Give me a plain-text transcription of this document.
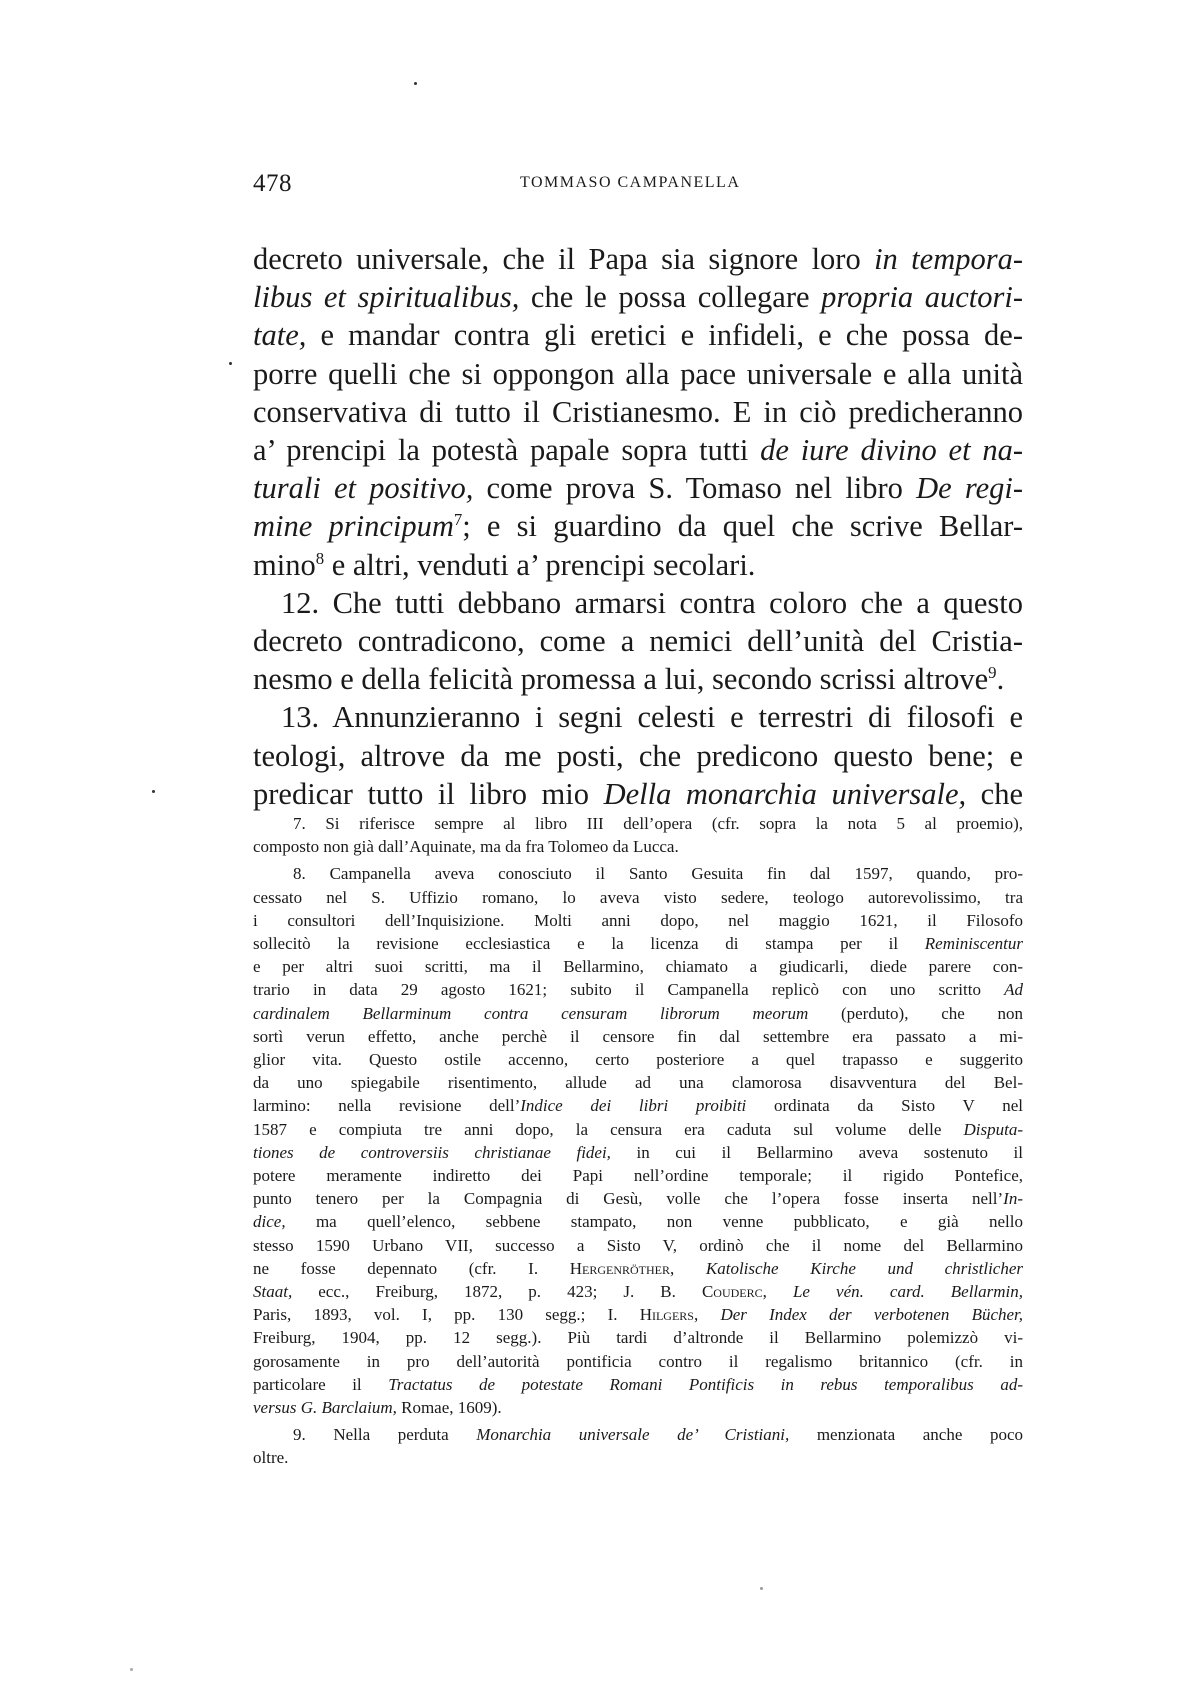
478	TOMMASO CAMPANELLA
decreto universale, che il Papa sia signore loro in tempora-
libus et spiritualibus, che le possa collegare propria auctori-
tate, e mandar contra gli eretici e infideli, e che possa de-
porre quelli che si oppongon alla pace universale e alla unità
conservativa di tutto il Cristianesmo. E in ciò predicheranno
a’ prencipi la potestà papale sopra tutti de iure divino et na-
turali et positivo, come prova S. Tomaso nel libro De regi-
mine principum$^7$; e si guardino da quel che scrive Bellar-
mino$^8$ e altri, venduti a’ prencipi secolari.
12. Che tutti debbano armarsi contra coloro che a questo
decreto contradicono, come a nemici dell’unità del Cristia-
nesmo e della felicità promessa a lui, secondo scrissi altrove$^9$.
13. Annunzieranno i segni celesti e terrestri di filosofi e
teologi, altrove da me posti, che predicono questo bene; e
predicar tutto il libro mio Della monarchia universale, che
7. Si riferisce sempre al libro III dell’opera (cfr. sopra la nota 5 al proemio),
composto non già dall’Aquinate, ma da fra Tolomeo da Lucca.
8. Campanella aveva conosciuto il Santo Gesuita fin dal 1597, quando, pro-
cessato nel S. Uffizio romano, lo aveva visto sedere, teologo autorevolissimo, tra
i consultori dell’Inquisizione. Molti anni dopo, nel maggio 1621, il Filosofo
sollecitò la revisione ecclesiastica e la licenza di stampa per il Reminiscentur
e per altri suoi scritti, ma il Bellarmino, chiamato a giudicarli, diede parere con-
trario in data 29 agosto 1621; subito il Campanella replicò con uno scritto Ad
cardinalem Bellarminum contra censuram librorum meorum (perduto), che non
sortì verun effetto, anche perchè il censore fin dal settembre era passato a mi-
glior vita. Questo ostile accenno, certo posteriore a quel trapasso e suggerito
da uno spiegabile risentimento, allude ad una clamorosa disavventura del Bel-
larmino: nella revisione dell’Indice dei libri proibiti ordinata da Sisto V nel
1587 e compiuta tre anni dopo, la censura era caduta sul volume delle Disputa-
tiones de controversiis christianae fidei, in cui il Bellarmino aveva sostenuto il
potere meramente indiretto dei Papi nell’ordine temporale; il rigido Pontefice,
punto tenero per la Compagnia di Gesù, volle che l’opera fosse inserta nell’In-
dice, ma quell’elenco, sebbene stampato, non venne pubblicato, e già nello
stesso 1590 Urbano VII, successo a Sisto V, ordinò che il nome del Bellarmino
ne fosse depennato (cfr. I. Hergenröther, Katolische Kirche und christlicher
Staat, ecc., Freiburg, 1872, p. 423; J. B. Couderc, Le vén. card. Bellarmin,
Paris, 1893, vol. I, pp. 130 segg.; I. Hilgers, Der Index der verbotenen Bücher,
Freiburg, 1904, pp. 12 segg.). Più tardi d’altronde il Bellarmino polemizzò vi-
gorosamente in pro dell’autorità pontificia contro il regalismo britannico (cfr. in
particolare il Tractatus de potestate Romani Pontificis in rebus temporalibus ad-
versus G. Barclaium, Romae, 1609).
9. Nella perduta Monarchia universale de’ Cristiani, menzionata anche poco
oltre.
